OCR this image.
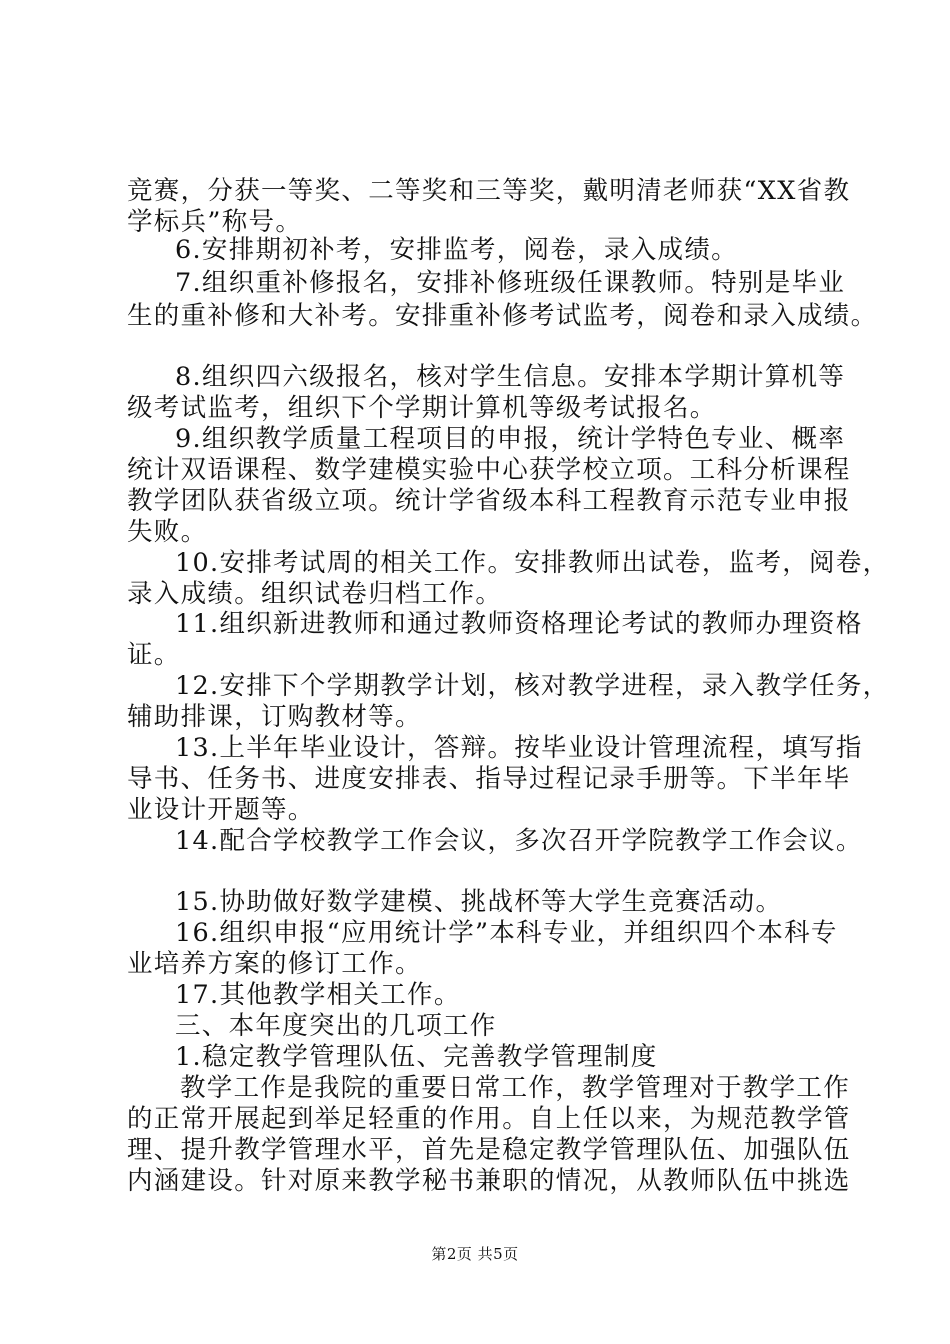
竞赛，分获一等奖、二等奖和三等奖，戴明清老师获“XX省教
学标兵”称号。
6.安排期初补考，安排监考，阅卷，录入成绩。
7.组织重补修报名，安排补修班级任课教师。特别是毕业
生的重补修和大补考。安排重补修考试监考，阅卷和录入成绩。
8.组织四六级报名，核对学生信息。安排本学期计算机等
级考试监考，组织下个学期计算机等级考试报名。
9.组织教学质量工程项目的申报，统计学特色专业、概率
统计双语课程、数学建模实验中心获学校立项。工科分析课程
教学团队获省级立项。统计学省级本科工程教育示范专业申报
失败。
10.安排考试周的相关工作。安排教师出试卷，监考，阅卷，
录入成绩。组织试卷归档工作。
11.组织新进教师和通过教师资格理论考试的教师办理资格
证。
12.安排下个学期教学计划，核对教学进程，录入教学任务，
辅助排课，订购教材等。
13.上半年毕业设计，答辩。按毕业设计管理流程，填写指
导书、任务书、进度安排表、指导过程记录手册等。下半年毕
业设计开题等。
14.配合学校教学工作会议，多次召开学院教学工作会议。
15.协助做好数学建模、挑战杯等大学生竞赛活动。
16.组织申报“应用统计学”本科专业，并组织四个本科专
业培养方案的修订工作。
17.其他教学相关工作。
三、本年度突出的几项工作
1.稳定教学管理队伍、完善教学管理制度
教学工作是我院的重要日常工作，教学管理对于教学工作
的正常开展起到举足轻重的作用。自上任以来，为规范教学管
理、提升教学管理水平，首先是稳定教学管理队伍、加强队伍
内涵建设。针对原来教学秘书兼职的情况，从教师队伍中挑选
第2页 共5页
